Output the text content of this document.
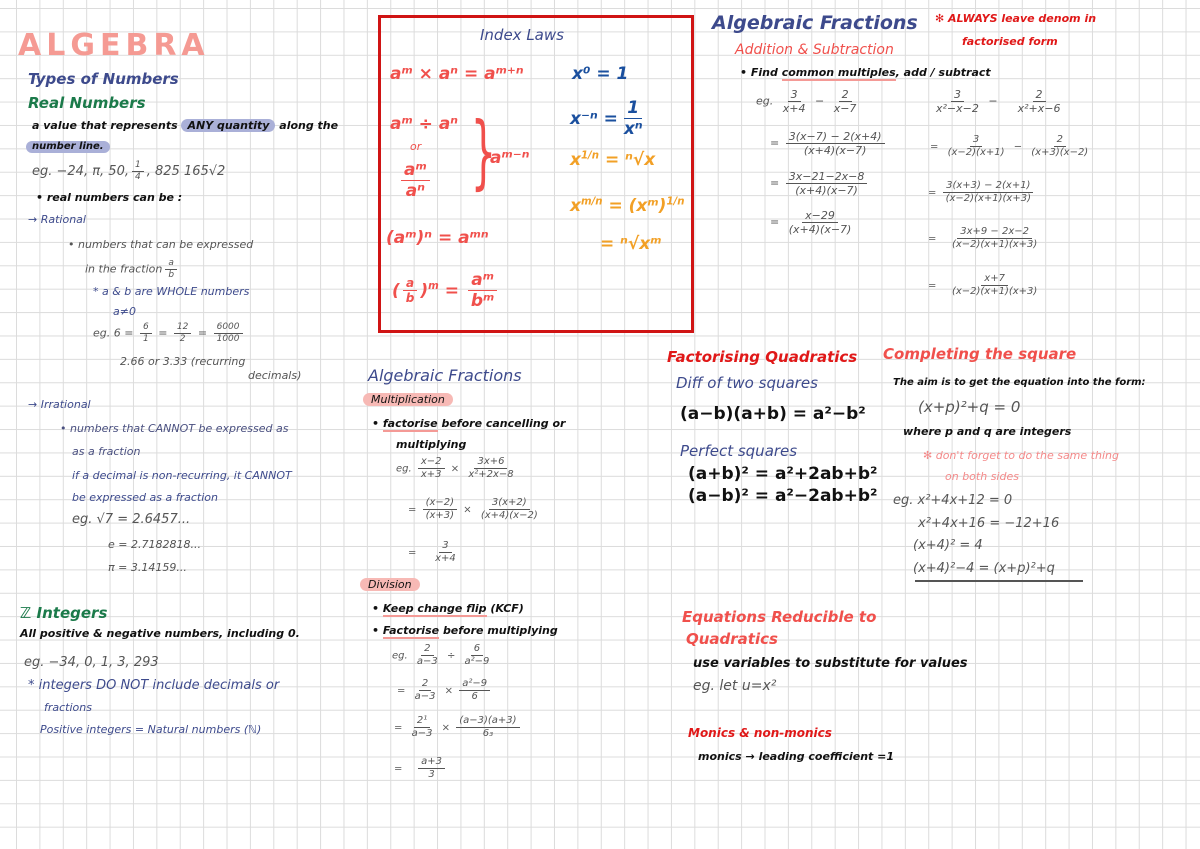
ALGEBRA
Types of Numbers
Real Numbers
a value that represents ANY quantity along the
number line.
eg. −24, π, 50, $\frac{1}{4}$ , 825 165√2
• real numbers can be :
→ Rational
• numbers that can be expressed
in the fraction $\frac{a}{b}$
* a & b are WHOLE numbers
a≠0
eg. $6 = \frac{6}{1} = \frac{12}{2} = \frac{6000}{1000}$
2.66 or 3.33 (recurring
decimals)
→ Irrational
• numbers that CANNOT be expressed as
as a fraction
if a decimal is non-recurring, it CANNOT
be expressed as a fraction
eg. √7 = 2.6457...
e = 2.7182818...
π = 3.14159...
ℤ Integers
All positive & negative numbers, including 0.
eg. −34, 0, 1, 3, 293
* integers DO NOT include decimals or
fractions
Positive integers = Natural numbers (ℕ)
Index Laws
aᵐ × aⁿ = aᵐ⁺ⁿ
aᵐ ÷ aⁿ
or
$\frac{\text{aᵐ}}{\text{aⁿ}}$ }
aᵐ⁻ⁿ
(aᵐ)ⁿ = aᵐⁿ
( $\frac{a}{b} )^m = \frac{\text{aᵐ}}{\text{bᵐ}}$
x⁰ = 1
$x^{-n} = \frac{1}{\text{xⁿ}}$
$x^{1/n} = ^n√x$
$x^{m/n}$ = (xᵐ)$^{1/n}$
= ⁿ√xᵐ
Algebraic Fractions
Addition & Subtraction
✻ ALWAYS leave denom in
factorised form
• Find common multiples, add / subtract
eg. $\frac{3}{x+4} - \frac{2}{x-7}$
= $\frac{3(x-7) - 2(x+4)}{(x+4)(x-7)}$
= $\frac{3x-21-2x-8}{(x+4)(x-7)}$
= $\frac{x-29}{(x+4)(x-7)}$
$\frac{3}{\text{x²−x−2}} - \frac{2}{\text{x²+x−6}}$
= $\frac{3}{(x-2)(x+1)} - \frac{2}{(x+3)(x-2)}$
= $\frac{3(x+3) - 2(x+1)}{(x-2)(x+1)(x+3)}$
= $\frac{3x+9 - 2x-2}{(x-2)(x+1)(x+3)}$
= $\frac{x+7}{(x-2)(x+1)(x+3)}$
Algebraic Fractions
Multiplication
• factorise before cancelling or
multiplying
eg. $\frac{x-2}{x+3} \times \frac{3x+6}{\text{x²+2x−8}}$
= $\frac{(x-2)}{(x+3)} \times \frac{3(x+2)}{(x+4)(x-2)}$
= $\frac{3}{x+4}$
Division
• Keep change flip (KCF)
• Factorise before multiplying
eg. $\frac{2}{a-3} \div \frac{6}{\text{a²−9}}$
= $\frac{2}{a-3} \times \frac{\text{a²−9}}{6}$
= $\frac{\text{2¹}}{a-3} \times \frac{(a-3)(a+3)}{\text{6₃}}$
= $\frac{a+3}{3}$
Factorising Quadratics
Diff of two squares
(a−b)(a+b) = a²−b²
Perfect squares
(a+b)² = a²+2ab+b²
(a−b)² = a²−2ab+b²
Completing the square
The aim is to get the equation into the form:
(x+p)²+q = 0
where p and q are integers
✻ don't forget to do the same thing
on both sides
eg. x²+4x+12 = 0
x²+4x+16 = −12+16
(x+4)² = 4
(x+4)²−4 = (x+p)²+q
Equations Reducible to
Quadratics
use variables to substitute for values
eg. let u=x²
Monics & non-monics
monics → leading coefficient =1
